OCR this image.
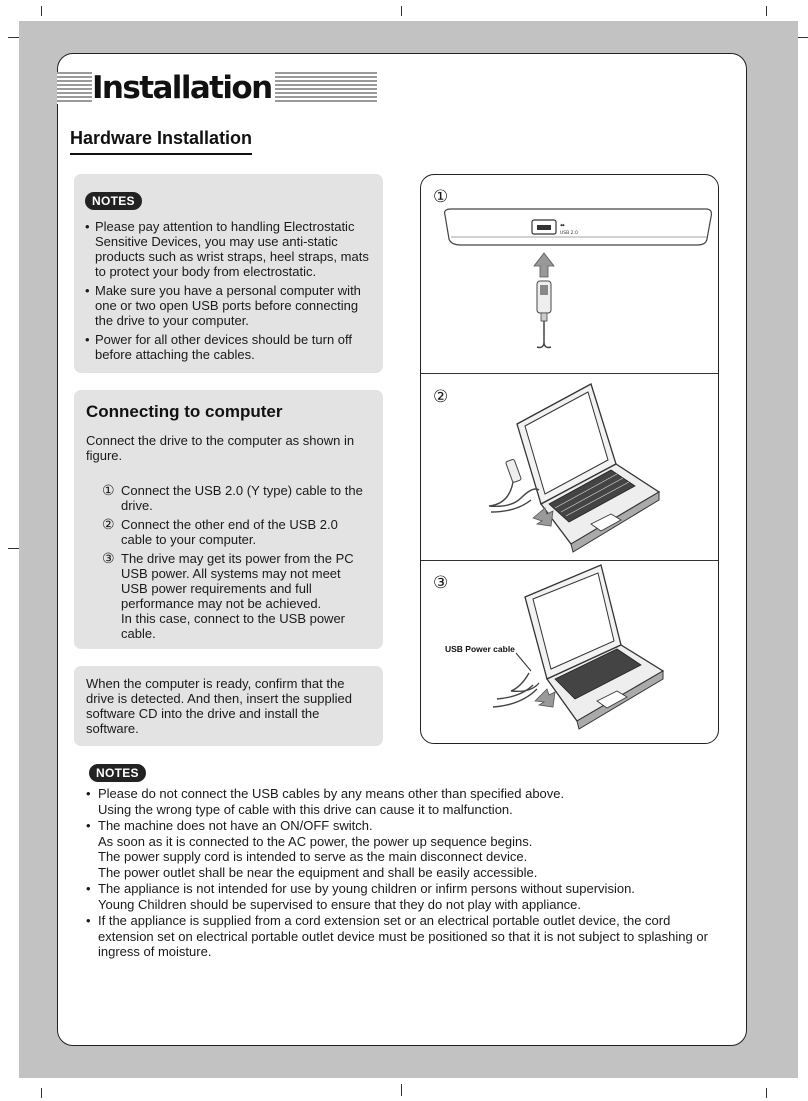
Installation
Hardware Installation
NOTES
• Please pay attention to handling Electrostatic Sensitive Devices, you may use anti-static products such as wrist straps, heel straps, mats to protect your body from electrostatic.
• Make sure you have a personal computer with one or two open USB ports before connecting the drive to your computer.
• Power for all other devices should be turn off before attaching the cables.
Connecting to computer
Connect the drive to the computer as shown in figure.
① Connect the USB 2.0 (Y type) cable to the drive.
② Connect the other end of the USB 2.0 cable to your computer.
③ The drive may get its power from the PC USB power. All systems may not meet USB power requirements and full performance may not be achieved.
In this case, connect to the USB power cable.
When the computer is ready, confirm that the drive is detected. And then, insert the supplied software CD into the drive and install the software.
①
②
③
⬌
USB 2.0
USB Power cable
NOTES
• Please do not connect the USB cables by any means other than specified above.
Using the wrong type of cable with this drive can cause it to malfunction.
• The machine does not have an ON/OFF switch.
As soon as it is connected to the AC power, the power up sequence begins.
The power supply cord is intended to serve as the main disconnect device.
The power outlet shall be near the equipment and shall be easily accessible.
• The appliance is not intended for use by young children or infirm persons without supervision.
Young Children should be supervised to ensure that they do not play with appliance.
• If the appliance is supplied from a cord extension set or an electrical portable outlet device, the cord extension set on electrical portable outlet device must be positioned so that it is not subject to splashing or ingress of moisture.
